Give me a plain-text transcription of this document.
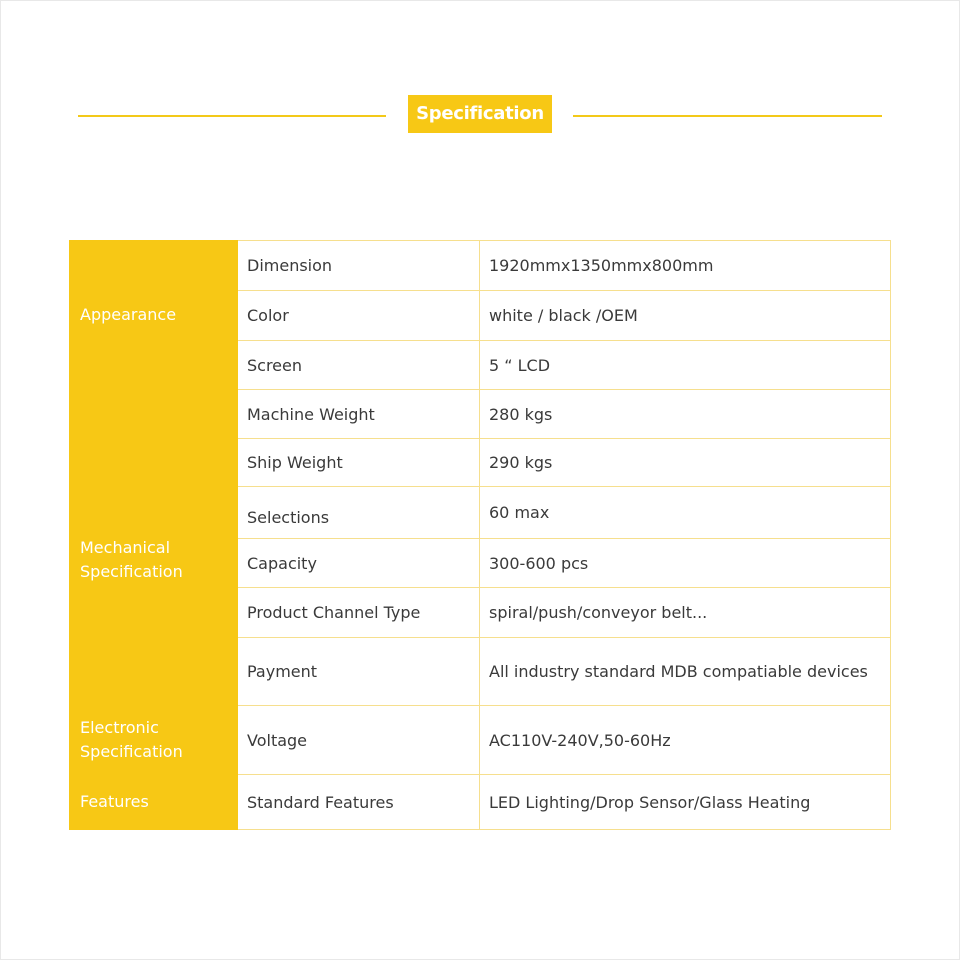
Specification
Appearance	Dimension	1920mmx1350mmx800mm
	Color	white / black /OEM
	Screen	5 “ LCD
Mechanical Specification	Machine Weight	280 kgs
	Ship Weight	290 kgs
	Selections	60 max
	Capacity	300-600 pcs
	Product Channel Type	spiral/push/conveyor belt...
	Payment	All industry standard MDB compatiable devices
Electronic Specification	Voltage	AC110V-240V,50-60Hz
Features	Standard Features	LED Lighting/Drop Sensor/Glass Heating
